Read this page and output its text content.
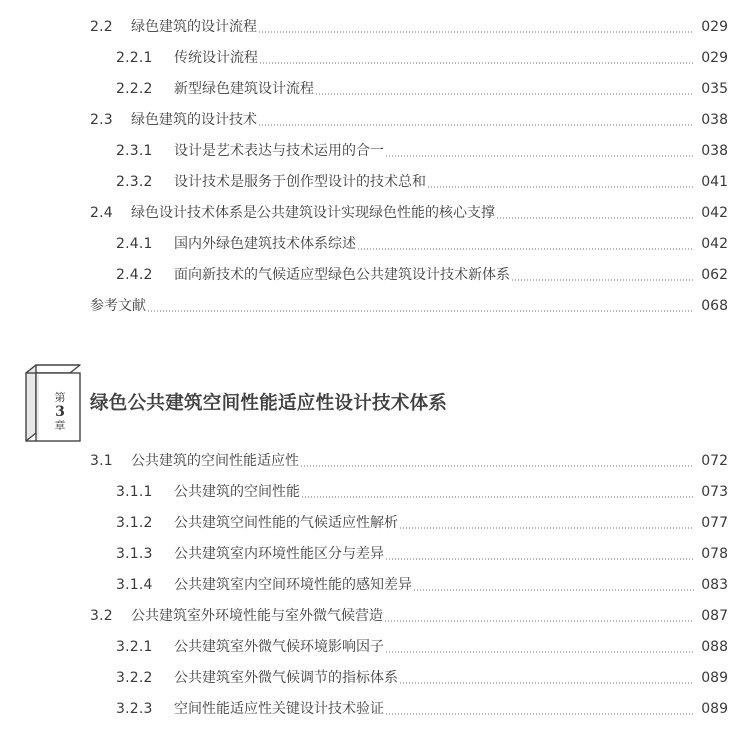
2.2	绿色建筑的设计流程	029
2.2.1	传统设计流程	029
2.2.2	新型绿色建筑设计流程	035
2.3	绿色建筑的设计技术	038
2.3.1	设计是艺术表达与技术运用的合一	038
2.3.2	设计技术是服务于创作型设计的技术总和	041
2.4	绿色设计技术体系是公共建筑设计实现绿色性能的核心支撑	042
2.4.1	国内外绿色建筑技术体系综述	042
2.4.2	面向新技术的气候适应型绿色公共建筑设计技术新体系	062
参考文献	068
第
3
章
绿色公共建筑空间性能适应性设计技术体系
3.1	公共建筑的空间性能适应性	072
3.1.1	公共建筑的空间性能	073
3.1.2	公共建筑空间性能的气候适应性解析	077
3.1.3	公共建筑室内环境性能区分与差异	078
3.1.4	公共建筑室内空间环境性能的感知差异	083
3.2	公共建筑室外环境性能与室外微气候营造	087
3.2.1	公共建筑室外微气候环境影响因子	088
3.2.2	公共建筑室外微气候调节的指标体系	089
3.2.3	空间性能适应性关键设计技术验证	089
